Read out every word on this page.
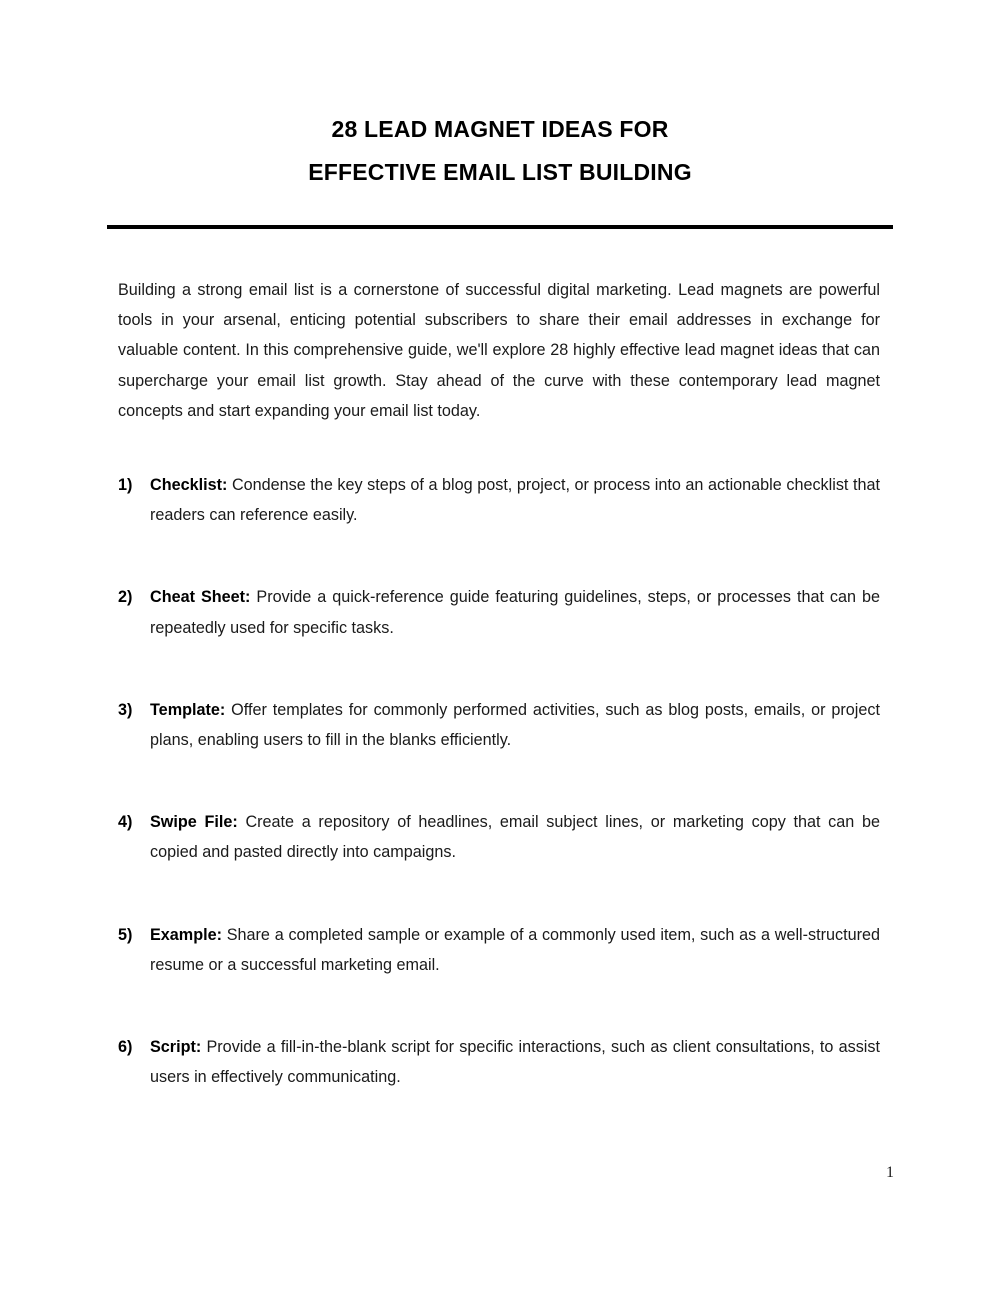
28 LEAD MAGNET IDEAS FOR
EFFECTIVE EMAIL LIST BUILDING

Building a strong email list is a cornerstone of successful digital marketing. Lead magnets are powerful tools in your arsenal, enticing potential subscribers to share their email addresses in exchange for valuable content. In this comprehensive guide, we'll explore 28 highly effective lead magnet ideas that can supercharge your email list growth. Stay ahead of the curve with these contemporary lead magnet concepts and start expanding your email list today.

1) Checklist: Condense the key steps of a blog post, project, or process into an actionable checklist that readers can reference easily.
2) Cheat Sheet: Provide a quick-reference guide featuring guidelines, steps, or processes that can be repeatedly used for specific tasks.
3) Template: Offer templates for commonly performed activities, such as blog posts, emails, or project plans, enabling users to fill in the blanks efficiently.
4) Swipe File: Create a repository of headlines, email subject lines, or marketing copy that can be copied and pasted directly into campaigns.
5) Example: Share a completed sample or example of a commonly used item, such as a well-structured resume or a successful marketing email.
6) Script: Provide a fill-in-the-blank script for specific interactions, such as client consultations, to assist users in effectively communicating.
1
